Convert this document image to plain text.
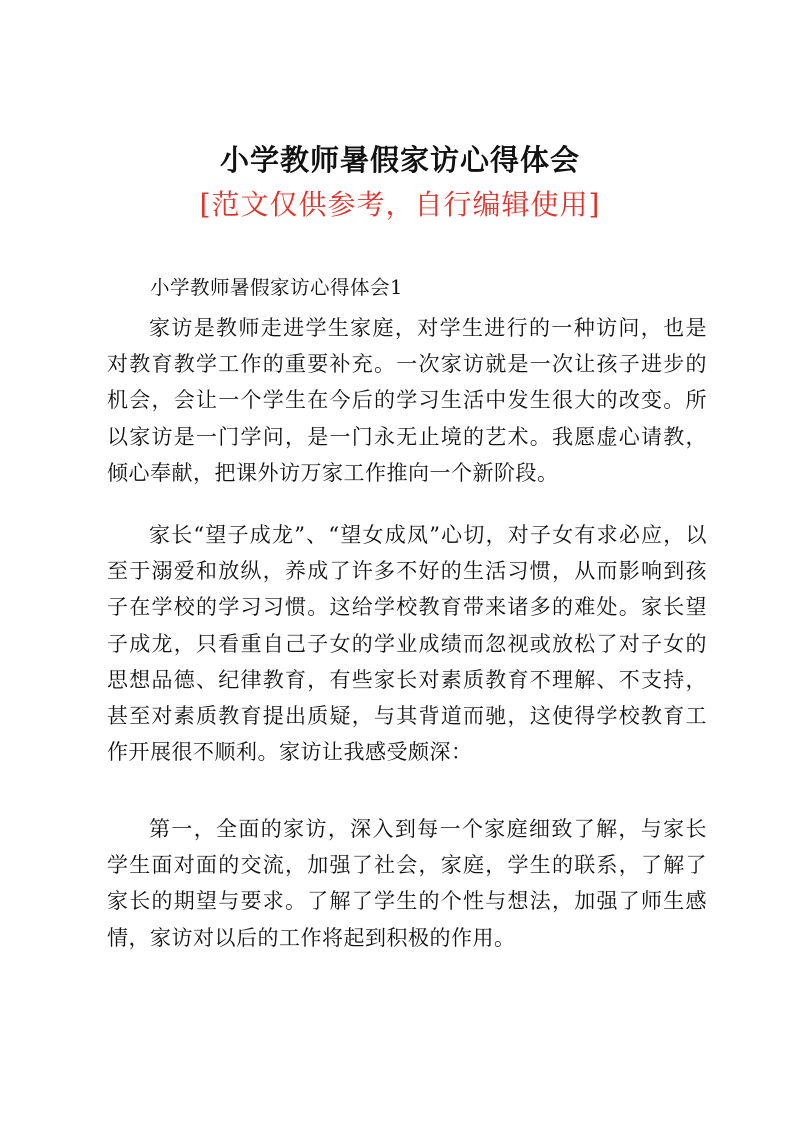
小学教师暑假家访心得体会
[范文仅供参考，自行编辑使用]
小学教师暑假家访心得体会1

家访是教师走进学生家庭，对学生进行的一种访问，也是对教育教学工作的重要补充。一次家访就是一次让孩子进步的机会，会让一个学生在今后的学习生活中发生很大的改变。所以家访是一门学问，是一门永无止境的艺术。我愿虚心请教，倾心奉献，把课外访万家工作推向一个新阶段。

家长“望子成龙”、“望女成凤”心切，对子女有求必应，以至于溺爱和放纵，养成了许多不好的生活习惯，从而影响到孩子在学校的学习习惯。这给学校教育带来诸多的难处。家长望子成龙，只看重自己子女的学业成绩而忽视或放松了对子女的思想品德、纪律教育，有些家长对素质教育不理解、不支持，甚至对素质教育提出质疑，与其背道而驰，这使得学校教育工作开展很不顺利。家访让我感受颇深：

第一，全面的家访，深入到每一个家庭细致了解，与家长学生面对面的交流，加强了社会，家庭，学生的联系，了解了家长的期望与要求。了解了学生的个性与想法，加强了师生感情，家访对以后的工作将起到积极的作用。
